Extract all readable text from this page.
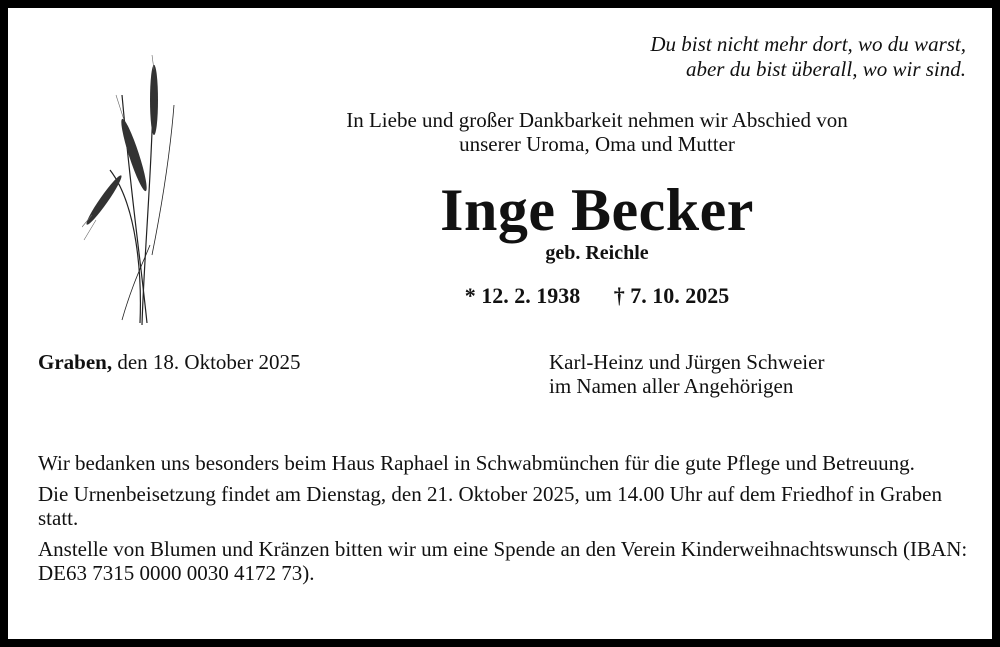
Du bist nicht mehr dort, wo du warst,
aber du bist überall, wo wir sind.
In Liebe und großer Dankbarkeit nehmen wir Abschied von
unserer Uroma, Oma und Mutter
Inge Becker
geb. Reichle
* 12. 2. 1938 † 7. 10. 2025
Graben, den 18. Oktober 2025	Karl-Heinz und Jürgen Schweier
im Namen aller Angehörigen

Wir bedanken uns besonders beim Haus Raphael in Schwabmünchen für die gute Pflege und Betreuung.

Die Urnenbeisetzung findet am Dienstag, den 21. Oktober 2025, um 14.00 Uhr auf dem Friedhof in Graben statt.

Anstelle von Blumen und Kränzen bitten wir um eine Spende an den Verein Kinderweihnachtswunsch (IBAN: DE63 7315 0000 0030 4172 73).
